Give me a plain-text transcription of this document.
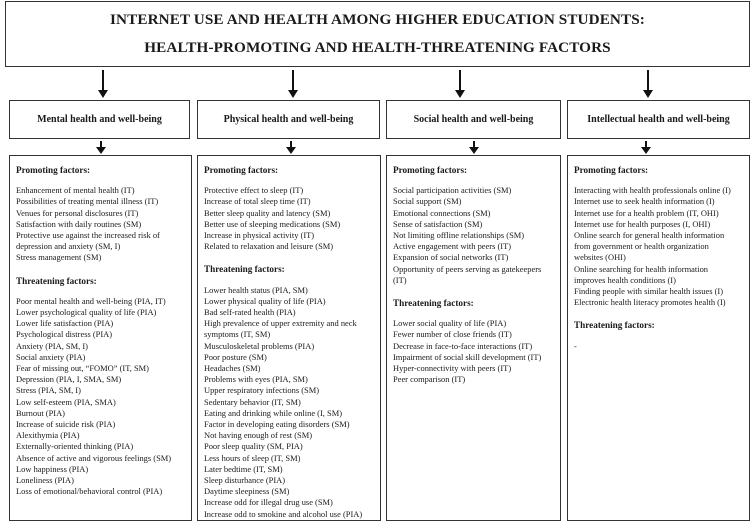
INTERNET USE AND HEALTH AMONG HIGHER EDUCATION STUDENTS:
HEALTH-PROMOTING AND HEALTH-THREATENING FACTORS
Mental health and well-being	Physical health and well-being	Social health and well-being	Intellectual health and well-being
Promoting factors:
Enhancement of mental health (IT)
Possibilities of treating mental illness (IT)
Venues for personal disclosures (IT)
Satisfaction with daily routines (SM)
Protective use against the increased risk of
depression and anxiety (SM, I)
Stress management (SM)
Threatening factors:
Poor mental health and well-being (PIA, IT)
Lower psychological quality of life (PIA)
Lower life satisfaction (PIA)
Psychological distress (PIA)
Anxiety (PIA, SM, I)
Social anxiety (PIA)
Fear of missing out, “FOMO” (IT, SM)
Depression (PIA, I, SMA, SM)
Stress (PIA, SM, I)
Low self-esteem (PIA, SMA)
Burnout (PIA)
Increase of suicide risk (PIA)
Alexithymia (PIA)
Externally-oriented thinking (PIA)
Absence of active and vigorous feelings (SM)
Low happiness (PIA)
Loneliness (PIA)
Loss of emotional/behavioral control (PIA)
Promoting factors:
Protective effect to sleep (IT)
Increase of total sleep time (IT)
Better sleep quality and latency (SM)
Better use of sleeping medications (SM)
Increase in physical activity (IT)
Related to relaxation and leisure (SM)
Threatening factors:
Lower health status (PIA, SM)
Lower physical quality of life (PIA)
Bad self-rated health (PIA)
High prevalence of upper extremity and neck
symptoms (IT, SM)
Musculoskeletal problems (PIA)
Poor posture (SM)
Headaches (SM)
Problems with eyes (PIA, SM)
Upper respiratory infections (SM)
Sedentary behavior (IT, SM)
Eating and drinking while online (I, SM)
Factor in developing eating disorders (SM)
Not having enough of rest (SM)
Poor sleep quality (SM, PIA)
Less hours of sleep (IT, SM)
Later bedtime (IT, SM)
Sleep disturbance (PIA)
Daytime sleepiness (SM)
Increase odd for illegal drug use (SM)
Increase odd to smokine and alcohol use (PIA)
Promoting factors:
Social participation activities (SM)
Social support (SM)
Emotional connections (SM)
Sense of satisfaction (SM)
Not limiting offline relationships (SM)
Active engagement with peers (IT)
Expansion of social networks (IT)
Opportunity of peers serving as gatekeepers
(IT)
Threatening factors:
Lower social quality of life (PIA)
Fewer number of close friends (IT)
Decrease in face-to-face interactions (IT)
Impairment of social skill development (IT)
Hyper-connectivity with peers (IT)
Peer comparison (IT)
Promoting factors:
Interacting with health professionals online (I)
Internet use to seek health information (I)
Internet use for a health problem (IT, OHI)
Internet use for health purposes (I, OHI)
Online search for general health information
from government or health organization
websites (OHI)
Online searching for health information
improves health conditions (I)
Finding people with similar health issues (I)
Electronic health literacy promotes health (I)
Threatening factors:
-
